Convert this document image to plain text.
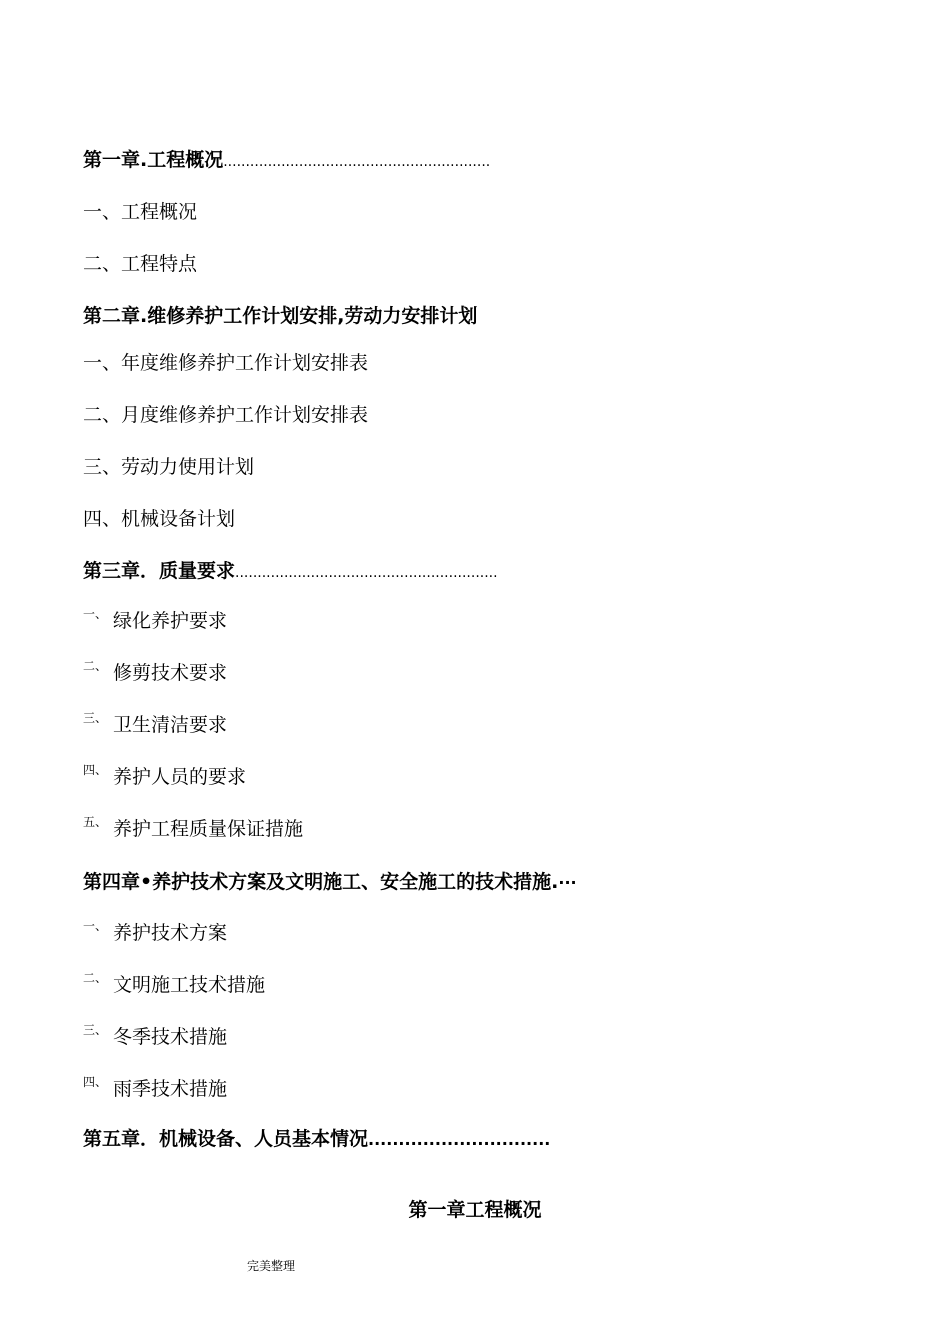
第一章.工程概况............................................................
一、工程概况
二、工程特点
第二章.维修养护工作计划安排,劳动力安排计划
一、年度维修养护工作计划安排表
二、月度维修养护工作计划安排表
三、劳动力使用计划
四、机械设备计划
第三章．质量要求...........................................................
$^{一、}$ 绿化养护要求
$^{二、}$ 修剪技术要求
$^{三、}$ 卫生清洁要求
$^{四、}$ 养护人员的要求
$^{五、}$ 养护工程质量保证措施
第四章•养护技术方案及文明施工、安全施工的技术措施.···
$^{一、}$ 养护技术方案
$^{二、}$ 文明施工技术措施
$^{三、}$ 冬季技术措施
$^{四、}$ 雨季技术措施
第五章．机械设备、人员基本情况..............................
第一章工程概况
完美整理
